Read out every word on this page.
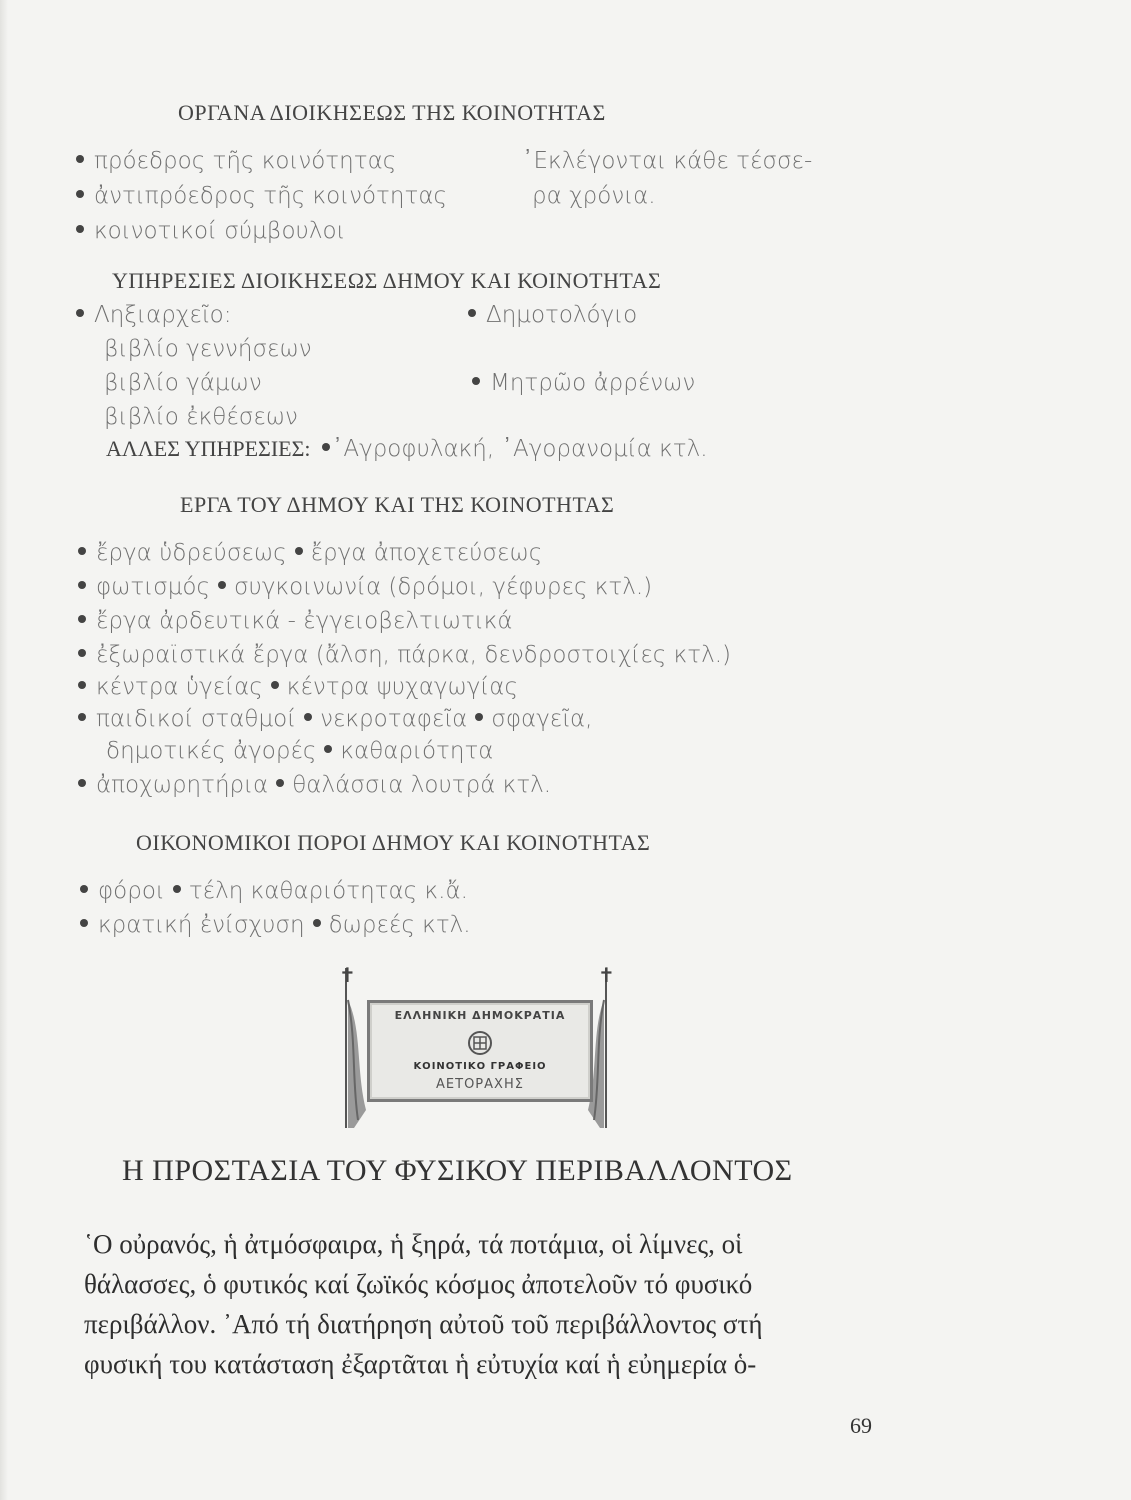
ΟΡΓΑΝΑ ΔΙΟΙΚΗΣΕΩΣ ΤΗΣ ΚΟΙΝΟΤΗΤΑΣ
πρόεδρος τῆς κοινότητας
ἀντιπρόεδρος τῆς κοινότητας
κοινοτικοί σύμβουλοι
᾿Εκλέγονται κάθε τέσσε-
ρα χρόνια.
ΥΠΗΡΕΣΙΕΣ ΔΙΟΙΚΗΣΕΩΣ ΔΗΜΟΥ ΚΑΙ ΚΟΙΝΟΤΗΤΑΣ
Ληξιαρχεῖο:
βιβλίο γεννήσεων
βιβλίο γάμων
βιβλίο ἐκθέσεων
Δημοτολόγιο
Μητρῶο ἀρρένων
ΑΛΛΕΣ ΥΠΗΡΕΣΙΕΣ: ᾿Αγροφυλακή, ᾿Αγορανομία κτλ.
ΕΡΓΑ ΤΟΥ ΔΗΜΟΥ ΚΑΙ ΤΗΣ ΚΟΙΝΟΤΗΤΑΣ
ἔργα ὑδρεύσεως ἔργα ἀποχετεύσεως
φωτισμός συγκοινωνία (δρόμοι, γέφυρες κτλ.)
ἔργα ἀρδευτικά - ἐγγειοβελτιωτικά
ἐξωραϊστικά ἔργα (ἄλση, πάρκα, δενδροστοιχίες κτλ.)
κέντρα ὑγείας κέντρα ψυχαγωγίας
παιδικοί σταθμοί νεκροταφεῖα σφαγεῖα,
δημοτικές ἀγορές καθαριότητα
ἀποχωρητήρια θαλάσσια λουτρά κτλ.
ΟΙΚΟΝΟΜΙΚΟΙ ΠΟΡΟΙ ΔΗΜΟΥ ΚΑΙ ΚΟΙΝΟΤΗΤΑΣ
φόροι τέλη καθαριότητας κ.ἄ.
κρατική ἐνίσχυση δωρεές κτλ.
✝	✝
ΕΛΛΗΝΙΚΗ ΔΗΜΟΚΡΑΤΙΑ
ΚΟΙΝΟΤΙΚΟ ΓΡΑΦΕΙΟ
ΑΕΤΟΡΑΧΗΣ
Η ΠΡΟΣΤΑΣΙΑ ΤΟΥ ΦΥΣΙΚΟΥ ΠΕΡΙΒΑΛΛΟΝΤΟΣ
῾Ο οὐρανός, ἡ ἀτμόσφαιρα, ἡ ξηρά, τά ποτάμια, οἱ λίμνες, οἱ
θάλασσες, ὁ φυτικός καί ζωϊκός κόσμος ἀποτελοῦν τό φυσικό
περιβάλλον. ᾿Από τή διατήρηση αὐτοῦ τοῦ περιβάλλοντος στή
φυσική του κατάσταση ἐξαρτᾶται ἡ εὐτυχία καί ἡ εὐημερία ὁ-
69
